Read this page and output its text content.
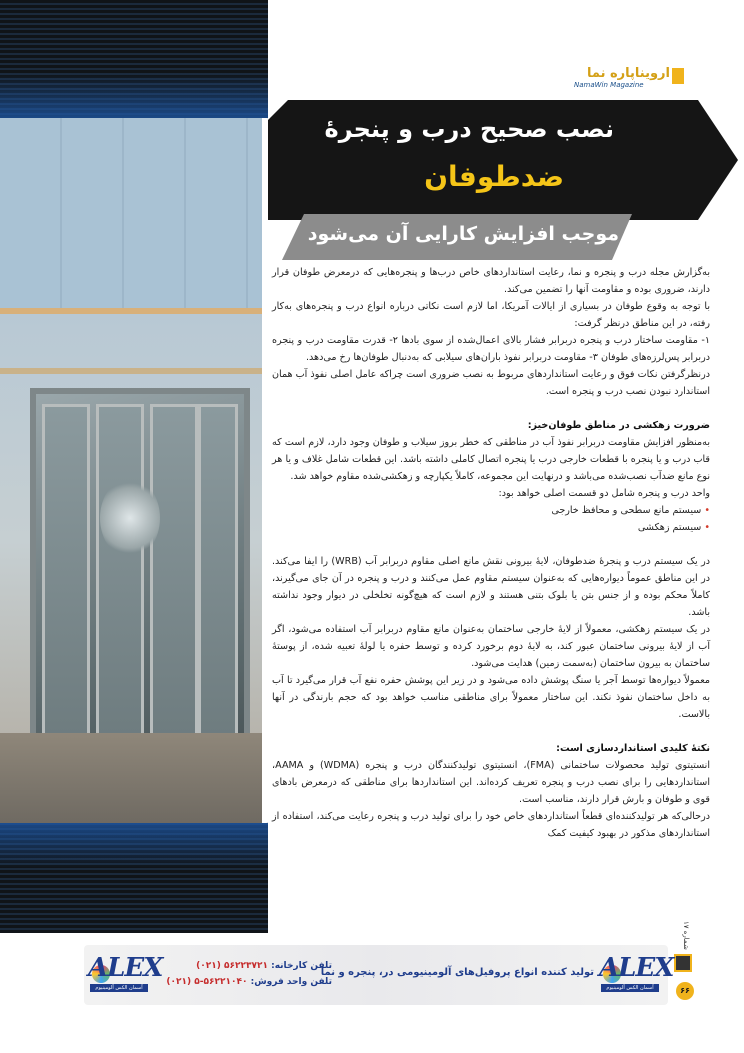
ارویناپاره نما
NamaWin Magazine
نصب صحیح درب و پنجرۀ
ضدطوفان
موجب افزایش کارایی آن می‌شود

به‌گزارش مجله درب و پنجره و نما، رعایت استانداردهای خاص درب‌ها و پنجره‌هایی که درمعرض طوفان قرار دارند، ضروری بوده و مقاومت آنها را تضمین می‌کند.

با توجه به وقوع طوفان در بسیاری از ایالات آمریکا، اما لازم است نکاتی درباره انواع درب و پنجره‌های به‌کار رفته، در این مناطق درنظر گرفت:

۱- مقاومت ساختار درب و پنجره دربرابر فشار بالای اعمال‌شده از سوی بادها ۲- قدرت مقاومت درب و پنجره دربرابر پس‌لرزه‌های طوفان ۳- مقاومت دربرابر نفوذ باران‌های سیلابی که به‌دنبال طوفان‌ها رخ می‌دهد.

درنظرگرفتن نکات فوق و رعایت استانداردهای مربوط به نصب ضروری است چراکه عامل اصلی نفوذ آب همان استاندارد نبودن نصب درب و پنجره است.

ضرورت زهکشی در مناطق طوفان‌خیز:

به‌منظور افزایش مقاومت دربرابر نفوذ آب در مناطقی که خطر بروز سیلاب و طوفان وجود دارد، لازم است که قاب درب و یا پنجره با قطعات خارجی درب یا پنجره اتصال کاملی داشته باشد. این قطعات شامل غلاف و یا هر نوع مانع ضدآب نصب‌شده می‌باشد و درنهایت این مجموعه، کاملاً یکپارچه و زهکشی‌شده مقاوم خواهد شد.

واحد درب و پنجره شامل دو قسمت اصلی خواهد بود:

• سیستم مانع سطحی و محافظ خارجی

• سیستم زهکشی

در یک سیستم درب و پنجرۀ ضدطوفان، لایۀ بیرونی نقش مانع اصلی مقاوم دربرابر آب (WRB) را ایفا می‌کند. در این مناطق عموماً دیواره‌هایی که به‌عنوان سیستم مقاوم عمل می‌کنند و درب و پنجره در آن جای می‌گیرند، کاملاً محکم بوده و از جنس بتن یا بلوک بتنی هستند و لازم است که هیچ‌گونه تخلخلی در دیوار وجود نداشته باشد.

در یک سیستم زهکشی، معمولاً از لایۀ خارجی ساختمان به‌عنوان مانع مقاوم دربرابر آب استفاده می‌شود، اگر آب از لایۀ بیرونی ساختمان عبور کند، به لایۀ دوم برخورد کرده و توسط حفره یا لولۀ تعبیه شده، از پوستۀ ساختمان به بیرون ساختمان (به‌سمت زمین) هدایت می‌شود.

معمولاً دیواره‌ها توسط آجر یا سنگ پوشش داده می‌شود و در زیر این پوشش حفره نفع آب قرار می‌گیرد تا آب به داخل ساختمان نفوذ نکند. این ساختار معمولاً برای مناطقی مناسب خواهد بود که حجم بارندگی در آنها بالاست.

نکتۀ کلیدی استانداردسازی است:

انستیتوی تولید محصولات ساختمانی (FMA)، انستیتوی تولیدکنندگان درب و پنجره (WDMA) و AAMA، استانداردهایی را برای نصب درب و پنجره تعریف کرده‌اند. این استانداردها برای مناطقی که درمعرض بادهای قوی و طوفان و بارش قرار دارند، مناسب است.

درحالی‌که هر تولیدکننده‌ای قطعاً استانداردهای خاص خود را برای تولید درب و پنجره رعایت می‌کند، استفاده از استانداردهای مذکور در بهبود کیفیت کمک

شماره ۱۷
۶۶
ALEX
آسمان الکس آلومینیوم
ALEX
آسمان الکس آلومینیوم
تولید کننده انواع پروفیل‌های آلومینیومی در، پنجره و نما
تلفن کارخانه: ۵۶۲۲۳۷۲۱ (۰۲۱)
تلفن واحد فروش: ۵۶۲۲۱۰۴۰-۵ (۰۲۱)
